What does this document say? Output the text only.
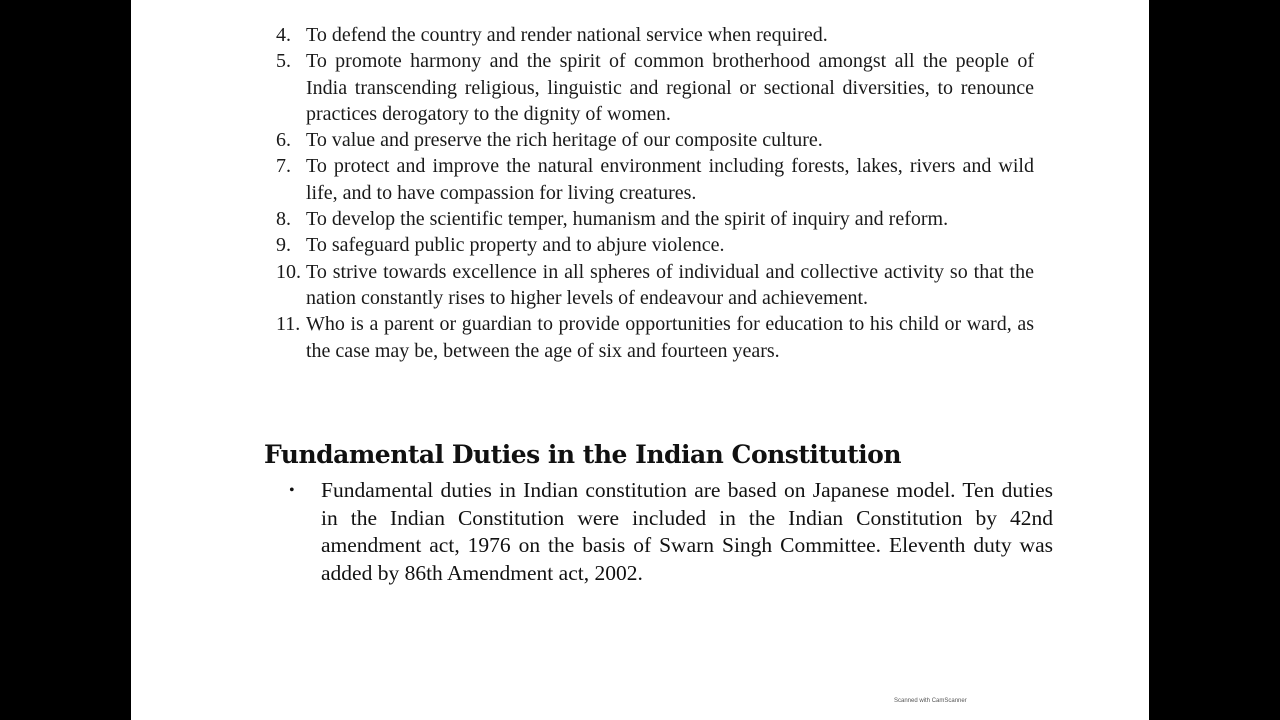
4. To defend the country and render national service when required.
5. To promote harmony and the spirit of common brotherhood amongst all the people of India transcending religious, linguistic and regional or sectional diversities, to renounce practices derogatory to the dignity of women.
6. To value and preserve the rich heritage of our composite culture.
7. To protect and improve the natural environment including forests, lakes, rivers and wild life, and to have compassion for living creatures.
8. To develop the scientific temper, humanism and the spirit of inquiry and reform.
9. To safeguard public property and to abjure violence.
10. To strive towards excellence in all spheres of individual and collective activity so that the nation constantly rises to higher levels of endeavour and achievement.
11. Who is a parent or guardian to provide opportunities for education to his child or ward, as the case may be, between the age of six and fourteen years.
Fundamental Duties in the Indian Constitution
•	Fundamental duties in Indian constitution are based on Japanese model. Ten duties in the Indian Constitution were included in the Indian Constitution by 42nd amendment act, 1976 on the basis of Swarn Singh Committee. Eleventh duty was added by 86th Amendment act, 2002.
Scanned with CamScanner
